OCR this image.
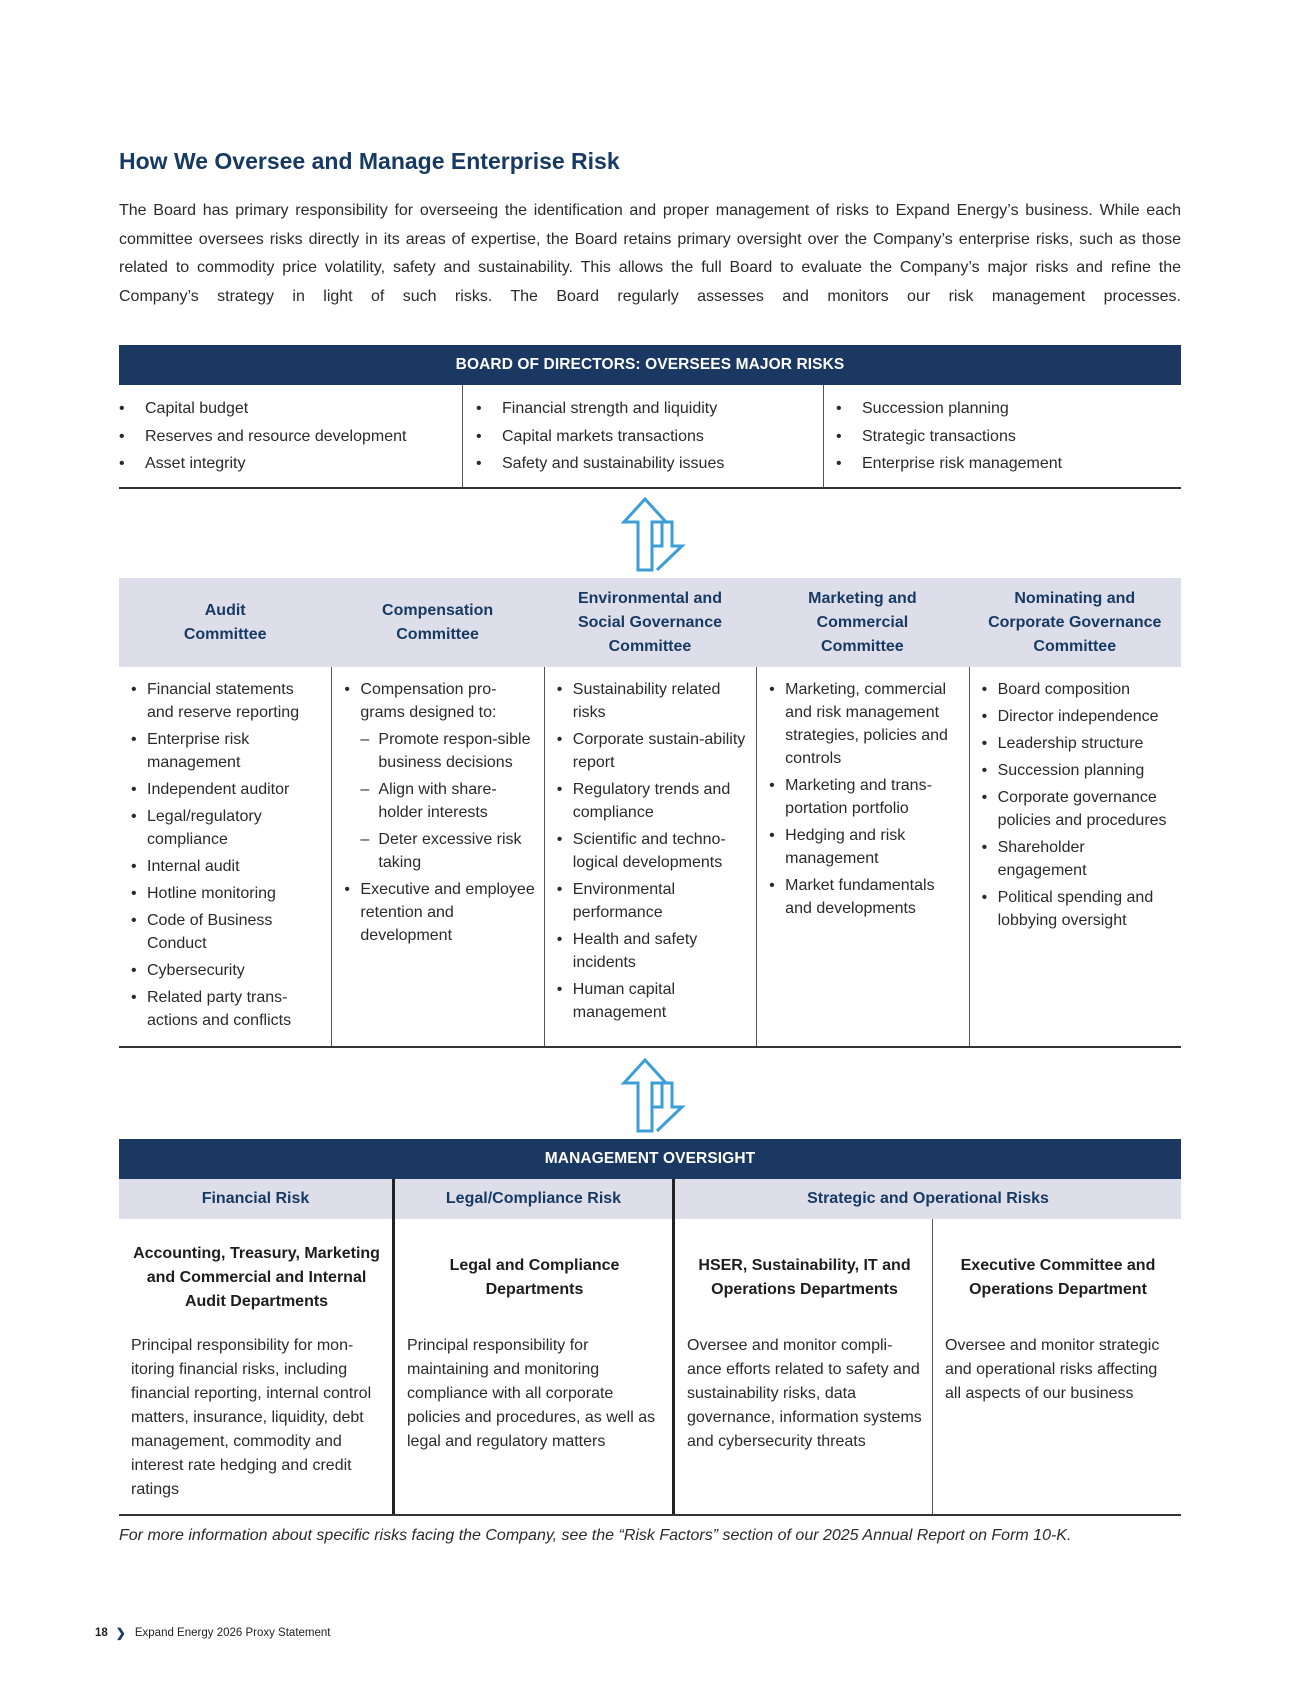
How We Oversee and Manage Enterprise Risk

The Board has primary responsibility for overseeing the identification and proper management of risks to Expand Energy’s business. While each committee oversees risks directly in its areas of expertise, the Board retains primary oversight over the Company’s enterprise risks, such as those related to commodity price volatility, safety and sustainability. This allows the full Board to evaluate the Company’s major risks and refine the Company’s strategy in light of such risks. The Board regularly assesses and monitors our risk management processes.

BOARD OF DIRECTORS: OVERSEES MAJOR RISKS
• Capital budget
• Reserves and resource development
• Asset integrity
• Financial strength and liquidity
• Capital markets transactions
• Safety and sustainability issues
• Succession planning
• Strategic transactions
• Enterprise risk management
Audit
Committee
Compensation
Committee
Environmental and
Social Governance
Committee
Marketing and
Commercial
Committee
Nominating and
Corporate Governance
Committee
• Financial statements and reserve reporting
• Enterprise risk management
• Independent auditor
• Legal/regulatory compliance
• Internal audit
• Hotline monitoring
• Code of Business Conduct
• Cybersecurity
• Related party trans-actions and conflicts
• Compensation pro-grams designed to:
– Promote respon-sible business decisions
– Align with share-holder interests
– Deter excessive risk taking
• Executive and employee retention and development
• Sustainability related risks
• Corporate sustain-ability report
• Regulatory trends and compliance
• Scientific and techno-logical developments
• Environmental performance
• Health and safety incidents
• Human capital management
• Marketing, commercial and risk management strategies, policies and controls
• Marketing and trans-portation portfolio
• Hedging and risk management
• Market fundamentals and developments
• Board composition
• Director independence
• Leadership structure
• Succession planning
• Corporate governance policies and procedures
• Shareholder engagement
• Political spending and lobbying oversight
MANAGEMENT OVERSIGHT
Financial Risk	Legal/Compliance Risk	Strategic and Operational Risks
Accounting, Treasury, Marketing and Commercial and Internal Audit Departments
Principal responsibility for mon-itoring financial risks, including financial reporting, internal control matters, insurance, liquidity, debt management, commodity and interest rate hedging and credit ratings
Legal and Compliance Departments
Principal responsibility for maintaining and monitoring compliance with all corporate policies and procedures, as well as legal and regulatory matters
HSER, Sustainability, IT and Operations Departments
Oversee and monitor compli-ance efforts related to safety and sustainability risks, data governance, information systems and cybersecurity threats
Executive Committee and Operations Department
Oversee and monitor strategic and operational risks affecting all aspects of our business

For more information about specific risks facing the Company, see the “Risk Factors” section of our 2025 Annual Report on Form 10-K.

18 ❯ Expand Energy 2026 Proxy Statement
